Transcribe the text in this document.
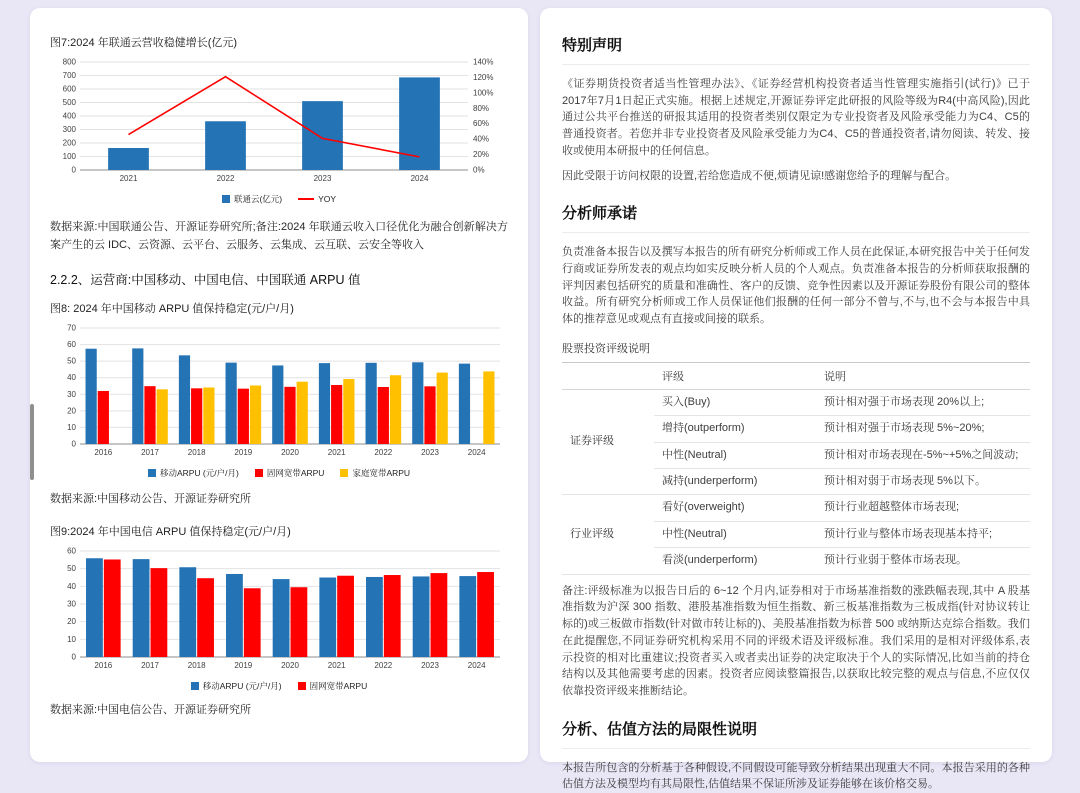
图7:2024 年联通云营收稳健增长(亿元)

0
100
200
300
400
500
600
700
800
0%
20%
40%
60%
80%
100%
120%
140%
2021	2022	2023	2024
联通云(亿元)	YOY

数据来源:中国联通公告、开源证券研究所;备注:2024 年联通云收入口径优化为融合创新解决方案产生的云 IDC、云资源、云平台、云服务、云集成、云互联、云安全等收入

2.2.2、运营商:中国移动、中国电信、中国联通 ARPU 值

图8: 2024 年中国移动 ARPU 值保持稳定(元/户/月)

0
10
20
30
40
50
60
70
2016	2017	2018	2019	2020	2021	2022	2023	2024
移动ARPU (元/户/月)	固网宽带ARPU	家庭宽带ARPU

数据来源:中国移动公告、开源证券研究所

图9:2024 年中国电信 ARPU 值保持稳定(元/户/月)

0
10
20
30
40
50
60
2016	2017	2018	2019	2020	2021	2022	2023	2024
移动ARPU (元/户/月)	固网宽带ARPU

数据来源:中国电信公告、开源证券研究所

特别声明

《证券期货投资者适当性管理办法》、《证券经营机构投资者适当性管理实施指引(试行)》已于2017年7月1日起正式实施。根据上述规定,开源证券评定此研报的风险等级为R4(中高风险),因此通过公共平台推送的研报其适用的投资者类别仅限定为专业投资者及风险承受能力为C4、C5的普通投资者。若您并非专业投资者及风险承受能力为C4、C5的普通投资者,请勿阅读、转发、接收或使用本研报中的任何信息。

因此受限于访问权限的设置,若给您造成不便,烦请见谅!感谢您给予的理解与配合。

分析师承诺

负责准备本报告以及撰写本报告的所有研究分析师或工作人员在此保证,本研究报告中关于任何发行商或证券所发表的观点均如实反映分析人员的个人观点。负责准备本报告的分析师获取报酬的评判因素包括研究的质量和准确性、客户的反馈、竞争性因素以及开源证券股份有限公司的整体收益。所有研究分析师或工作人员保证他们报酬的任何一部分不曾与,不与,也不会与本报告中具体的推荐意见或观点有直接或间接的联系。

股票投资评级说明

	评级	说明
证券评级	买入(Buy)	预计相对强于市场表现 20%以上;
	增持(outperform)	预计相对强于市场表现 5%~20%;
	中性(Neutral)	预计相对市场表现在-5%~+5%之间波动;
	减持(underperform)	预计相对弱于市场表现 5%以下。
行业评级	看好(overweight)	预计行业超越整体市场表现;
	中性(Neutral)	预计行业与整体市场表现基本持平;
	看淡(underperform)	预计行业弱于整体市场表现。

备注:评级标准为以报告日后的 6~12 个月内,证券相对于市场基准指数的涨跌幅表现,其中 A 股基准指数为沪深 300 指数、港股基准指数为恒生指数、新三板基准指数为三板成指(针对协议转让标的)或三板做市指数(针对做市转让标的)、美股基准指数为标普 500 或纳斯达克综合指数。我们在此提醒您,不同证券研究机构采用不同的评级术语及评级标准。我们采用的是相对评级体系,表示投资的相对比重建议;投资者买入或者卖出证券的决定取决于个人的实际情况,比如当前的持仓结构以及其他需要考虑的因素。投资者应阅读整篇报告,以获取比较完整的观点与信息,不应仅仅依靠投资评级来推断结论。

分析、估值方法的局限性说明

本报告所包含的分析基于各种假设,不同假设可能导致分析结果出现重大不同。本报告采用的各种估值方法及模型均有其局限性,估值结果不保证所涉及证券能够在该价格交易。
